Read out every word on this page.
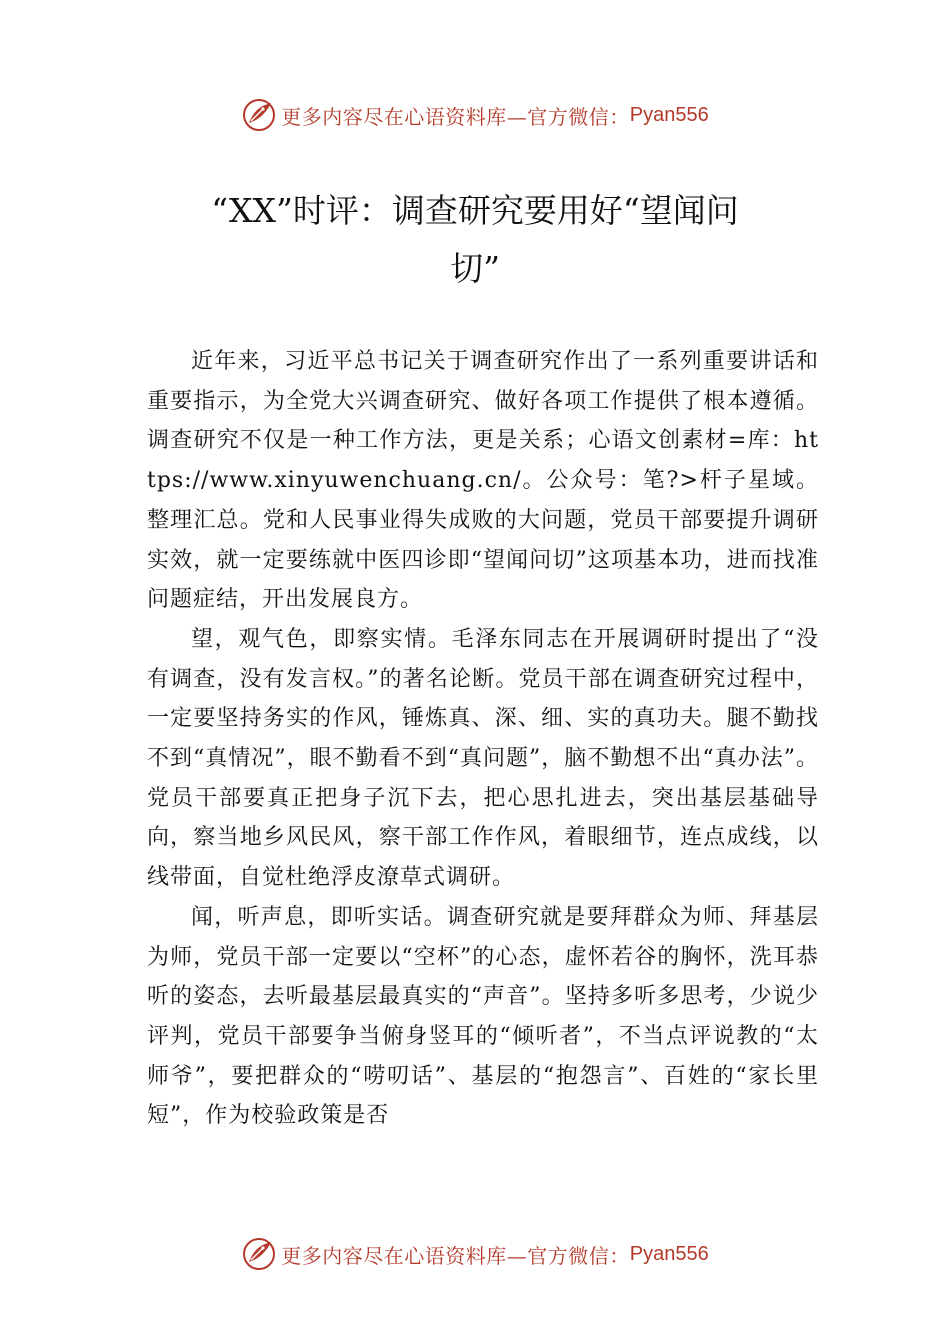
更多内容尽在心语资料库—官方微信： Pyan556
“XX”时评：调查研究要用好“望闻问
切”

近年来，习近平总书记关于调查研究作出了一系列重要讲话和重要指示，为全党大兴调查研究、做好各项工作提供了根本遵循。调查研究不仅是一种工作方法，更是关系；心语文创素材=库：https://www.xinyuwenchuang.cn/。公众号：笔?>杆子星域。整理汇总。党和人民事业得失成败的大问题，党员干部要提升调研实效，就一定要练就中医四诊即“望闻问切”这项基本功，进而找准问题症结，开出发展良方。

望，观气色，即察实情。毛泽东同志在开展调研时提出了“没有调查，没有发言权。”的著名论断。党员干部在调查研究过程中，一定要坚持务实的作风，锤炼真、深、细、实的真功夫。腿不勤找不到“真情况”，眼不勤看不到“真问题”，脑不勤想不出“真办法”。党员干部要真正把身子沉下去，把心思扎进去，突出基层基础导向，察当地乡风民风，察干部工作作风，着眼细节，连点成线，以线带面，自觉杜绝浮皮潦草式调研。

闻，听声息，即听实话。调查研究就是要拜群众为师、拜基层为师，党员干部一定要以“空杯”的心态，虚怀若谷的胸怀，洗耳恭听的姿态，去听最基层最真实的“声音”。坚持多听多思考，少说少评判，党员干部要争当俯身竖耳的“倾听者”，不当点评说教的“太师爷”，要把群众的“唠叨话”、基层的“抱怨言”、百姓的“家长里短”，作为校验政策是否

更多内容尽在心语资料库—官方微信： Pyan556
